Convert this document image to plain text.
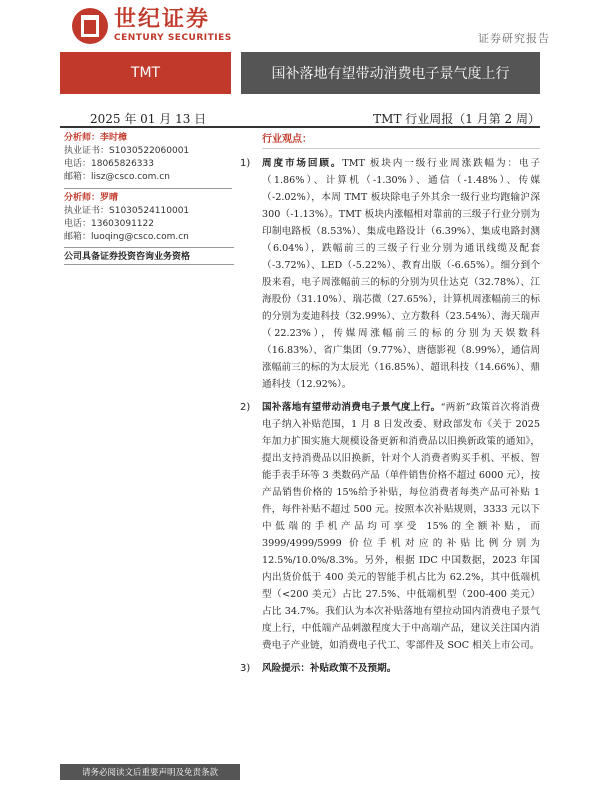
世纪证券
CENTURY SECURITIES	证券研究报告
TMT	国补落地有望带动消费电子景气度上行
2025 年 01 月 13 日	TMT 行业周报（1 月第 2 周）
分析师：李时樟
执业证书：S1030522060001
电话：18065826333
邮箱：lisz@csco.com.cn
分析师：罗晴
执业证书：S1030524110001
电话：13603091122
邮箱：luoqing@csco.com.cn
公司具备证券投资咨询业务资格
行业观点：
1)	周度市场回顾。TMT 板块内一级行业周涨跌幅为：电子（1.86%）、计算机（-1.30%）、通信（-1.48%）、传媒（-2.02%），本周 TMT 板块除电子外其余一级行业均跑输沪深 300（-1.13%）。TMT 板块内涨幅相对靠前的三级子行业分别为印制电路板（8.53%）、集成电路设计（6.39%）、集成电路封测（6.04%），跌幅前三的三级子行业分别为通讯线缆及配套（-3.72%）、LED（-5.22%）、教育出版（-6.65%）。细分到个股来看，电子周涨幅前三的标的分别为贝仕达克（32.78%）、江海股份（31.10%）、瑞芯微（27.65%），计算机周涨幅前三的标的分别为麦迪科技（32.99%）、立方数科（23.54%）、海天瑞声（22.23%），传媒周涨幅前三的标的分别为天娱数科（16.83%）、省广集团（9.77%）、唐德影视（8.99%），通信周涨幅前三的标的为太辰光（16.85%）、超讯科技（14.66%）、鼎通科技（12.92%）。
2)	国补落地有望带动消费电子景气度上行。“两新”政策首次将消费电子纳入补贴范围，1 月 8 日发改委、财政部发布《关于 2025 年加力扩围实施大规模设备更新和消费品以旧换新政策的通知》，提出支持消费品以旧换新，针对个人消费者购买手机、平板、智能手表手环等 3 类数码产品（单件销售价格不超过 6000 元），按产品销售价格的 15%给予补贴，每位消费者每类产品可补贴 1 件，每件补贴不超过 500 元。按照本次补贴规则，3333 元以下中低端的手机产品均可享受 15%的全额补贴，而 3999/4999/5999 价位手机对应的补贴比例分别为 12.5%/10.0%/8.3%。另外，根据 IDC 中国数据，2023 年国内出货价低于 400 美元的智能手机占比为 62.2%，其中低端机型（<200 美元）占比 27.5%、中低端机型（200-400 美元）占比 34.7%。我们认为本次补贴落地有望拉动国内消费电子景气度上行，中低端产品刺激程度大于中高端产品，建议关注国内消费电子产业链，如消费电子代工、零部件及 SOC 相关上市公司。
3)	风险提示：补贴政策不及预期。
请务必阅读文后重要声明及免责条款
